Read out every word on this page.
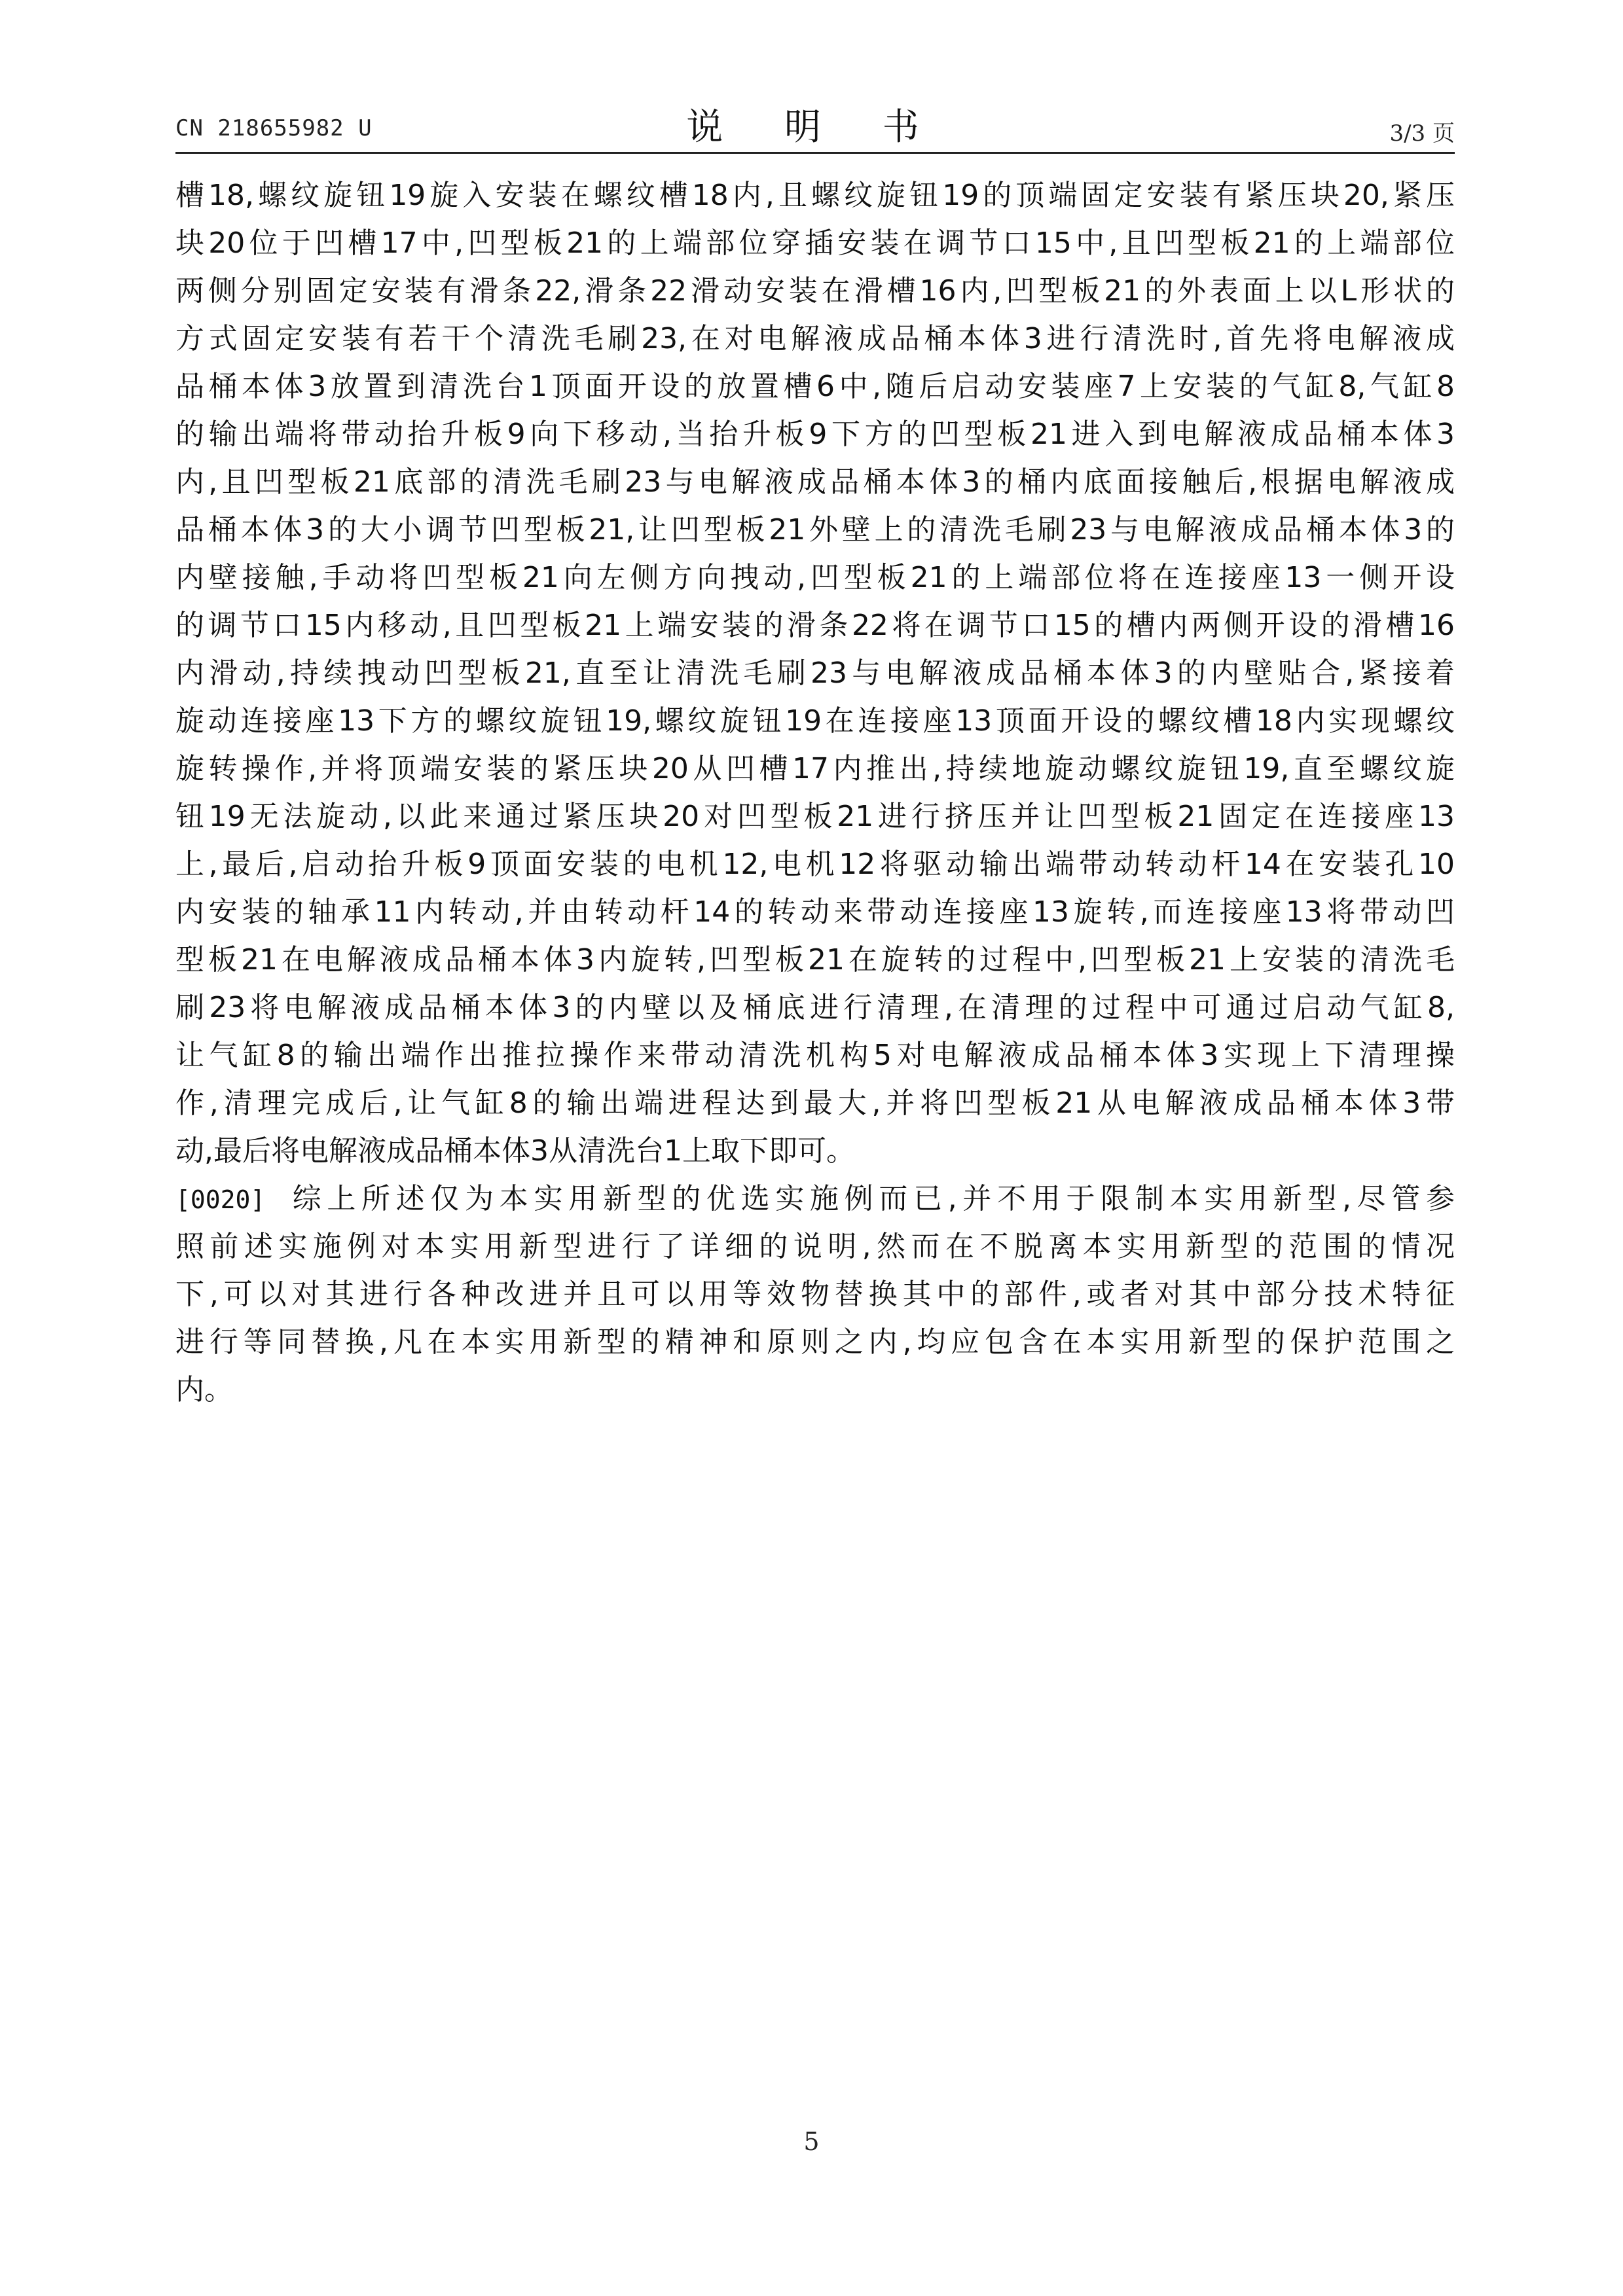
CN 218655982 U	说 明 书	3/3 页
槽18,螺纹旋钮19旋入安装在螺纹槽18内,且螺纹旋钮19的顶端固定安装有紧压块20,紧压
块20位于凹槽17中,凹型板21的上端部位穿插安装在调节口15中,且凹型板21的上端部位
两侧分别固定安装有滑条22,滑条22滑动安装在滑槽16内,凹型板21的外表面上以L形状的
方式固定安装有若干个清洗毛刷23,在对电解液成品桶本体3进行清洗时,首先将电解液成
品桶本体3放置到清洗台1顶面开设的放置槽6中,随后启动安装座7上安装的气缸8,气缸8
的输出端将带动抬升板9向下移动,当抬升板9下方的凹型板21进入到电解液成品桶本体3
内,且凹型板21底部的清洗毛刷23与电解液成品桶本体3的桶内底面接触后,根据电解液成
品桶本体3的大小调节凹型板21,让凹型板21外壁上的清洗毛刷23与电解液成品桶本体3的
内壁接触,手动将凹型板21向左侧方向拽动,凹型板21的上端部位将在连接座13一侧开设
的调节口15内移动,且凹型板21上端安装的滑条22将在调节口15的槽内两侧开设的滑槽16
内滑动,持续拽动凹型板21,直至让清洗毛刷23与电解液成品桶本体3的内壁贴合,紧接着
旋动连接座13下方的螺纹旋钮19,螺纹旋钮19在连接座13顶面开设的螺纹槽18内实现螺纹
旋转操作,并将顶端安装的紧压块20从凹槽17内推出,持续地旋动螺纹旋钮19,直至螺纹旋
钮19无法旋动,以此来通过紧压块20对凹型板21进行挤压并让凹型板21固定在连接座13
上,最后,启动抬升板9顶面安装的电机12,电机12将驱动输出端带动转动杆14在安装孔10
内安装的轴承11内转动,并由转动杆14的转动来带动连接座13旋转,而连接座13将带动凹
型板21在电解液成品桶本体3内旋转,凹型板21在旋转的过程中,凹型板21上安装的清洗毛
刷23将电解液成品桶本体3的内壁以及桶底进行清理,在清理的过程中可通过启动气缸8,
让气缸8的输出端作出推拉操作来带动清洗机构5对电解液成品桶本体3实现上下清理操
作,清理完成后,让气缸8的输出端进程达到最大,并将凹型板21从电解液成品桶本体3带
动,最后将电解液成品桶本体3从清洗台1上取下即可。
[0020] 综上所述仅为本实用新型的优选实施例而已,并不用于限制本实用新型,尽管参
照前述实施例对本实用新型进行了详细的说明,然而在不脱离本实用新型的范围的情况
下,可以对其进行各种改进并且可以用等效物替换其中的部件,或者对其中部分技术特征
进行等同替换,凡在本实用新型的精神和原则之内,均应包含在本实用新型的保护范围之
内。
5
